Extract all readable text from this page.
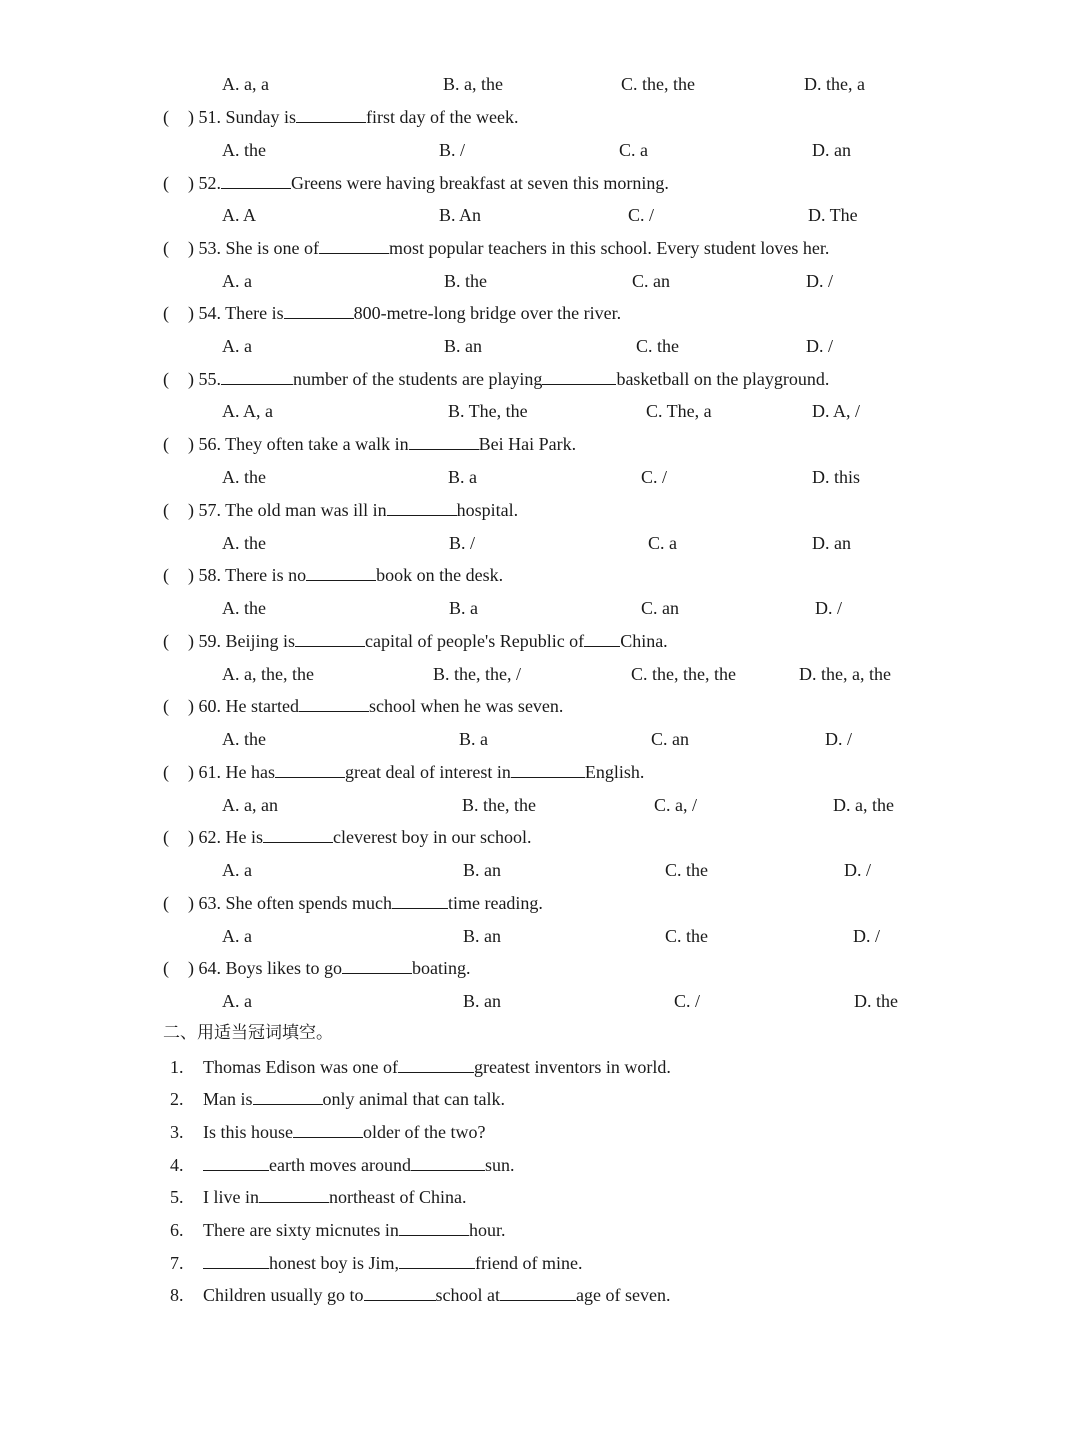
A. a, a	B. a, the	C. the, the	D. the, a
( ) 51. Sunday is	first day of the week.
A. the	B. /	C. a	D. an
( ) 52.	Greens were having breakfast at seven this morning.
A. A	B. An	C. /	D. The
( ) 53. She is one of	most popular teachers in this school. Every student loves her.
A. a	B. the	C. an	D. /
( ) 54. There is	800-metre-long bridge over the river.
A. a	B. an	C. the	D. /
( ) 55.	number of the students are playing	basketball on the playground.
A. A, a	B. The, the	C. The, a	D. A, /
( ) 56. They often take a walk in	Bei Hai Park.
A. the	B. a	C. /	D. this
( ) 57. The old man was ill in	hospital.
A. the	B. /	C. a	D. an
( ) 58. There is no	book on the desk.
A. the	B. a	C. an	D. /
( ) 59. Beijing is	capital of people's Republic of China.
A. a, the, the	B. the, the, /	C. the, the, the	D. the, a, the
( ) 60. He started	school when he was seven.
A. the	B. a	C. an	D. /
( ) 61. He has	great deal of interest in	English.
A. a, an	B. the, the	C. a, /	D. a, the
( ) 62. He is	cleverest boy in our school.
A. a	B. an	C. the	D. /
( ) 63. She often spends much	time reading.
A. a	B. an	C. the	D. /
( ) 64. Boys likes to go	boating.
A. a	B. an	C. /	D. the
二、用适当冠词填空。
1. Thomas Edison was one of	greatest inventors in world.
2. Man is	only animal that can talk.
3. Is this house	older of the two?
4.	earth moves around	sun.
5. I live in	northeast of China.
6. There are sixty micnutes in	hour.
7.	honest boy is Jim,	friend of mine.
8. Children usually go to	school at	age of seven.
